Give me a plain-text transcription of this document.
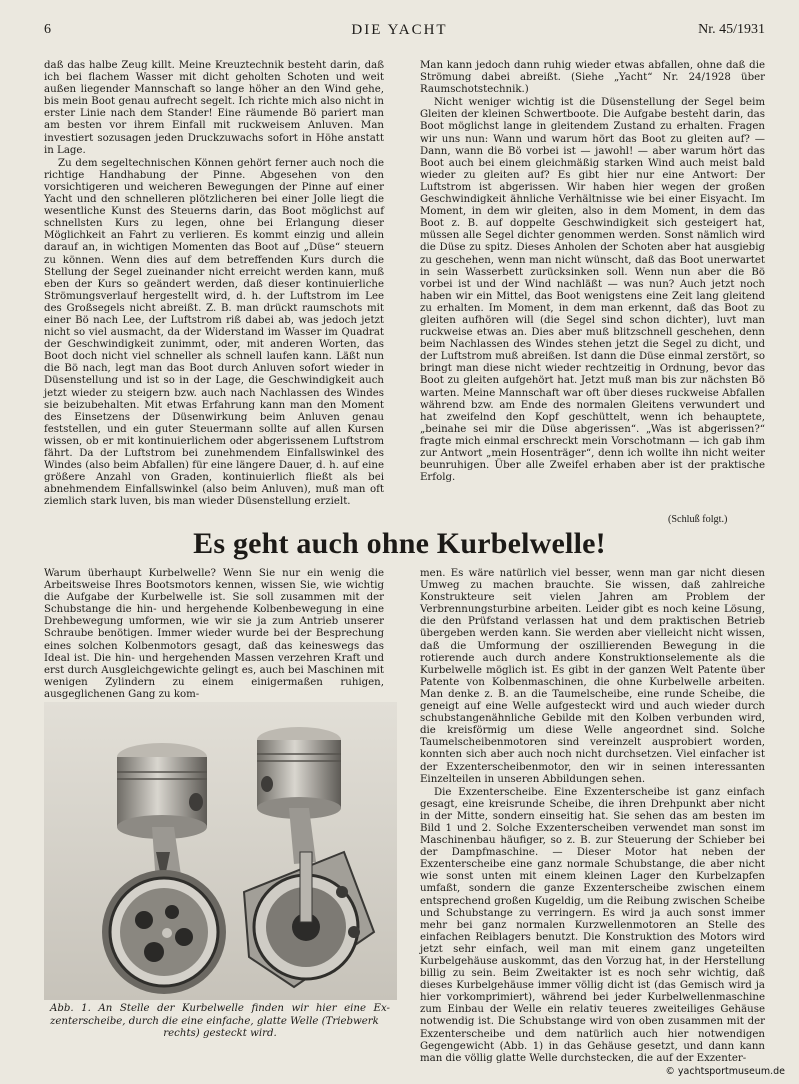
6	DIE YACHT	Nr. 45/1931

daß das halbe Zeug killt. Meine Kreuztechnik besteht darin, daß ich bei flachem Wasser mit dicht geholten Schoten und weit außen liegender Mannschaft so lange höher an den Wind gehe, bis mein Boot genau aufrecht segelt. Ich richte mich also nicht in erster Linie nach dem Stander! Eine räumende Bö pariert man am besten vor ihrem Einfall mit ruckweisem Anluven. Man investiert sozusagen jeden Druckzuwachs sofort in Höhe anstatt in Lage.

Zu dem segeltechnischen Können gehört ferner auch noch die richtige Handhabung der Pinne. Abgesehen von den vorsichtigeren und weicheren Bewegungen der Pinne auf einer Yacht und den schnelleren plötzlicheren bei einer Jolle liegt die wesentliche Kunst des Steuerns darin, das Boot möglichst auf schnellsten Kurs zu legen, ohne bei Erlangung dieser Möglichkeit an Fahrt zu verlieren. Es kommt einzig und allein darauf an, in wichtigen Momenten das Boot auf „Düse“ steuern zu können. Wenn dies auf dem betreffenden Kurs durch die Stellung der Segel zueinander nicht erreicht werden kann, muß eben der Kurs so geändert werden, daß dieser kontinuierliche Strömungsverlauf hergestellt wird, d. h. der Luftstrom im Lee des Großsegels nicht abreißt. Z. B. man drückt raumschots mit einer Bö nach Lee, der Luftstrom riß dabei ab, was jedoch jetzt nicht so viel ausmacht, da der Widerstand im Wasser im Quadrat der Geschwindigkeit zunimmt, oder, mit anderen Worten, das Boot doch nicht viel schneller als schnell laufen kann. Läßt nun die Bö nach, legt man das Boot durch Anluven sofort wieder in Düsenstellung und ist so in der Lage, die Geschwindigkeit auch jetzt wieder zu steigern bzw. auch nach Nachlassen des Windes sie beizubehalten. Mit etwas Erfahrung kann man den Moment des Einsetzens der Düsenwirkung beim Anluven genau feststellen, und ein guter Steuermann sollte auf allen Kursen wissen, ob er mit kontinuierlichem oder abgerissenem Luftstrom fährt. Da der Luftstrom bei zunehmendem Einfallswinkel des Windes (also beim Abfallen) für eine längere Dauer, d. h. auf eine größere Anzahl von Graden, kontinuierlich fließt als bei abnehmendem Einfallswinkel (also beim Anluven), muß man oft ziemlich stark luven, bis man wieder Düsenstellung erzielt.

Man kann jedoch dann ruhig wieder etwas abfallen, ohne daß die Strömung dabei abreißt. (Siehe „Yacht“ Nr. 24/1928 über Raumschotstechnik.)

Nicht weniger wichtig ist die Düsenstellung der Segel beim Gleiten der kleinen Schwertboote. Die Aufgabe besteht darin, das Boot möglichst lange in gleitendem Zustand zu erhalten. Fragen wir uns nun: Wann und warum hört das Boot zu gleiten auf? — Dann, wann die Bö vorbei ist — jawohl! — aber warum hört das Boot auch bei einem gleichmäßig starken Wind auch meist bald wieder zu gleiten auf? Es gibt hier nur eine Antwort: Der Luftstrom ist abgerissen. Wir haben hier wegen der großen Geschwindigkeit ähnliche Verhältnisse wie bei einer Eisyacht. Im Moment, in dem wir gleiten, also in dem Moment, in dem das Boot z. B. auf doppelte Geschwindigkeit sich gesteigert hat, müssen alle Segel dichter genommen werden. Sonst nämlich wird die Düse zu spitz. Dieses Anholen der Schoten aber hat ausgiebig zu geschehen, wenn man nicht wünscht, daß das Boot unerwartet in sein Wasserbett zurücksinken soll. Wenn nun aber die Bö vorbei ist und der Wind nachläßt — was nun? Auch jetzt noch haben wir ein Mittel, das Boot wenigstens eine Zeit lang gleitend zu erhalten. Im Moment, in dem man erkennt, daß das Boot zu gleiten aufhören will (die Segel sind schon dichter), luvt man ruckweise etwas an. Dies aber muß blitzschnell geschehen, denn beim Nachlassen des Windes stehen jetzt die Segel zu dicht, und der Luftstrom muß abreißen. Ist dann die Düse einmal zerstört, so bringt man diese nicht wieder rechtzeitig in Ordnung, bevor das Boot zu gleiten aufgehört hat. Jetzt muß man bis zur nächsten Bö warten. Meine Mannschaft war oft über dieses ruckweise Abfallen während bzw. am Ende des normalen Gleitens verwundert und hat zweifelnd den Kopf geschüttelt, wenn ich behauptete, „beinahe sei mir die Düse abgerissen“. „Was ist abgerissen?“ fragte mich einmal erschreckt mein Vorschotmann — ich gab ihm zur Antwort „mein Hosenträger“, denn ich wollte ihn nicht weiter beunruhigen. Über alle Zweifel erhaben aber ist der praktische Erfolg.

(Schluß folgt.)
Es geht auch ohne Kurbelwelle!

Warum überhaupt Kurbelwelle? Wenn Sie nur ein wenig die Arbeitsweise Ihres Bootsmotors kennen, wissen Sie, wie wichtig die Aufgabe der Kurbelwelle ist. Sie soll zusammen mit der Schubstange die hin- und hergehende Kolbenbewegung in eine Drehbewegung umformen, wie wir sie ja zum Antrieb unserer Schraube benötigen. Immer wieder wurde bei der Besprechung eines solchen Kolbenmotors gesagt, daß das keineswegs das Ideal ist. Die hin- und hergehenden Massen verzehren Kraft und erst durch Ausgleichgewichte gelingt es, auch bei Maschinen mit wenigen Zylindern zu einem einigermaßen ruhigen, ausgeglichenen Gang zu kom-

Abb. 1. An Stelle der Kurbelwelle finden wir hier eine Ex- zenterscheibe, durch die eine einfache, glatte Welle (Triebwerk
rechts) gesteckt wird.

men. Es wäre natürlich viel besser, wenn man gar nicht diesen Umweg zu machen brauchte. Sie wissen, daß zahlreiche Konstrukteure seit vielen Jahren am Problem der Verbrennungsturbine arbeiten. Leider gibt es noch keine Lösung, die den Prüfstand verlassen hat und dem praktischen Betrieb übergeben werden kann. Sie werden aber vielleicht nicht wissen, daß die Umformung der oszillierenden Bewegung in die rotierende auch durch andere Konstruktionselemente als die Kurbelwelle möglich ist. Es gibt in der ganzen Welt Patente über Patente von Kolbenmaschinen, die ohne Kurbelwelle arbeiten. Man denke z. B. an die Taumelscheibe, eine runde Scheibe, die geneigt auf eine Welle aufgesteckt wird und auch wieder durch schubstangenähnliche Gebilde mit den Kolben verbunden wird, die kreisförmig um diese Welle angeordnet sind. Solche Taumelscheibenmotoren sind vereinzelt ausprobiert worden, konnten sich aber auch noch nicht durchsetzen. Viel einfacher ist der Exzenterscheibenmotor, den wir in seinen interessanten Einzelteilen in unseren Abbildungen sehen.

Die Exzenterscheibe. Eine Exzenterscheibe ist ganz einfach gesagt, eine kreisrunde Scheibe, die ihren Drehpunkt aber nicht in der Mitte, sondern einseitig hat. Sie sehen das am besten im Bild 1 und 2. Solche Exzenterscheiben verwendet man sonst im Maschinenbau häufiger, so z. B. zur Steuerung der Schieber bei der Dampfmaschine. — Dieser Motor hat neben der Exzenterscheibe eine ganz normale Schubstange, die aber nicht wie sonst unten mit einem kleinen Lager den Kurbelzapfen umfaßt, sondern die ganze Exzenterscheibe zwischen einem entsprechend großen Kugeldig, um die Reibung zwischen Scheibe und Schubstange zu verringern. Es wird ja auch sonst immer mehr bei ganz normalen Kurzwellenmotoren an Stelle des einfachen Reiblagers benutzt. Die Konstruktion des Motors wird jetzt sehr einfach, weil man mit einem ganz ungeteilten Kurbelgehäuse auskommt, das den Vorzug hat, in der Herstellung billig zu sein. Beim Zweitakter ist es noch sehr wichtig, daß dieses Kurbelgehäuse immer völlig dicht ist (das Gemisch wird ja hier vorkomprimiert), während bei jeder Kurbelwellenmaschine zum Einbau der Welle ein relativ teueres zweiteiliges Gehäuse notwendig ist. Die Schubstange wird von oben zusammen mit der Exzenterscheibe und dem natürlich auch hier notwendigen Gegengewicht (Abb. 1) in das Gehäuse gesetzt, und dann kann man die völlig glatte Welle durchstecken, die auf der Exzenter-

© yachtsportmuseum.de
